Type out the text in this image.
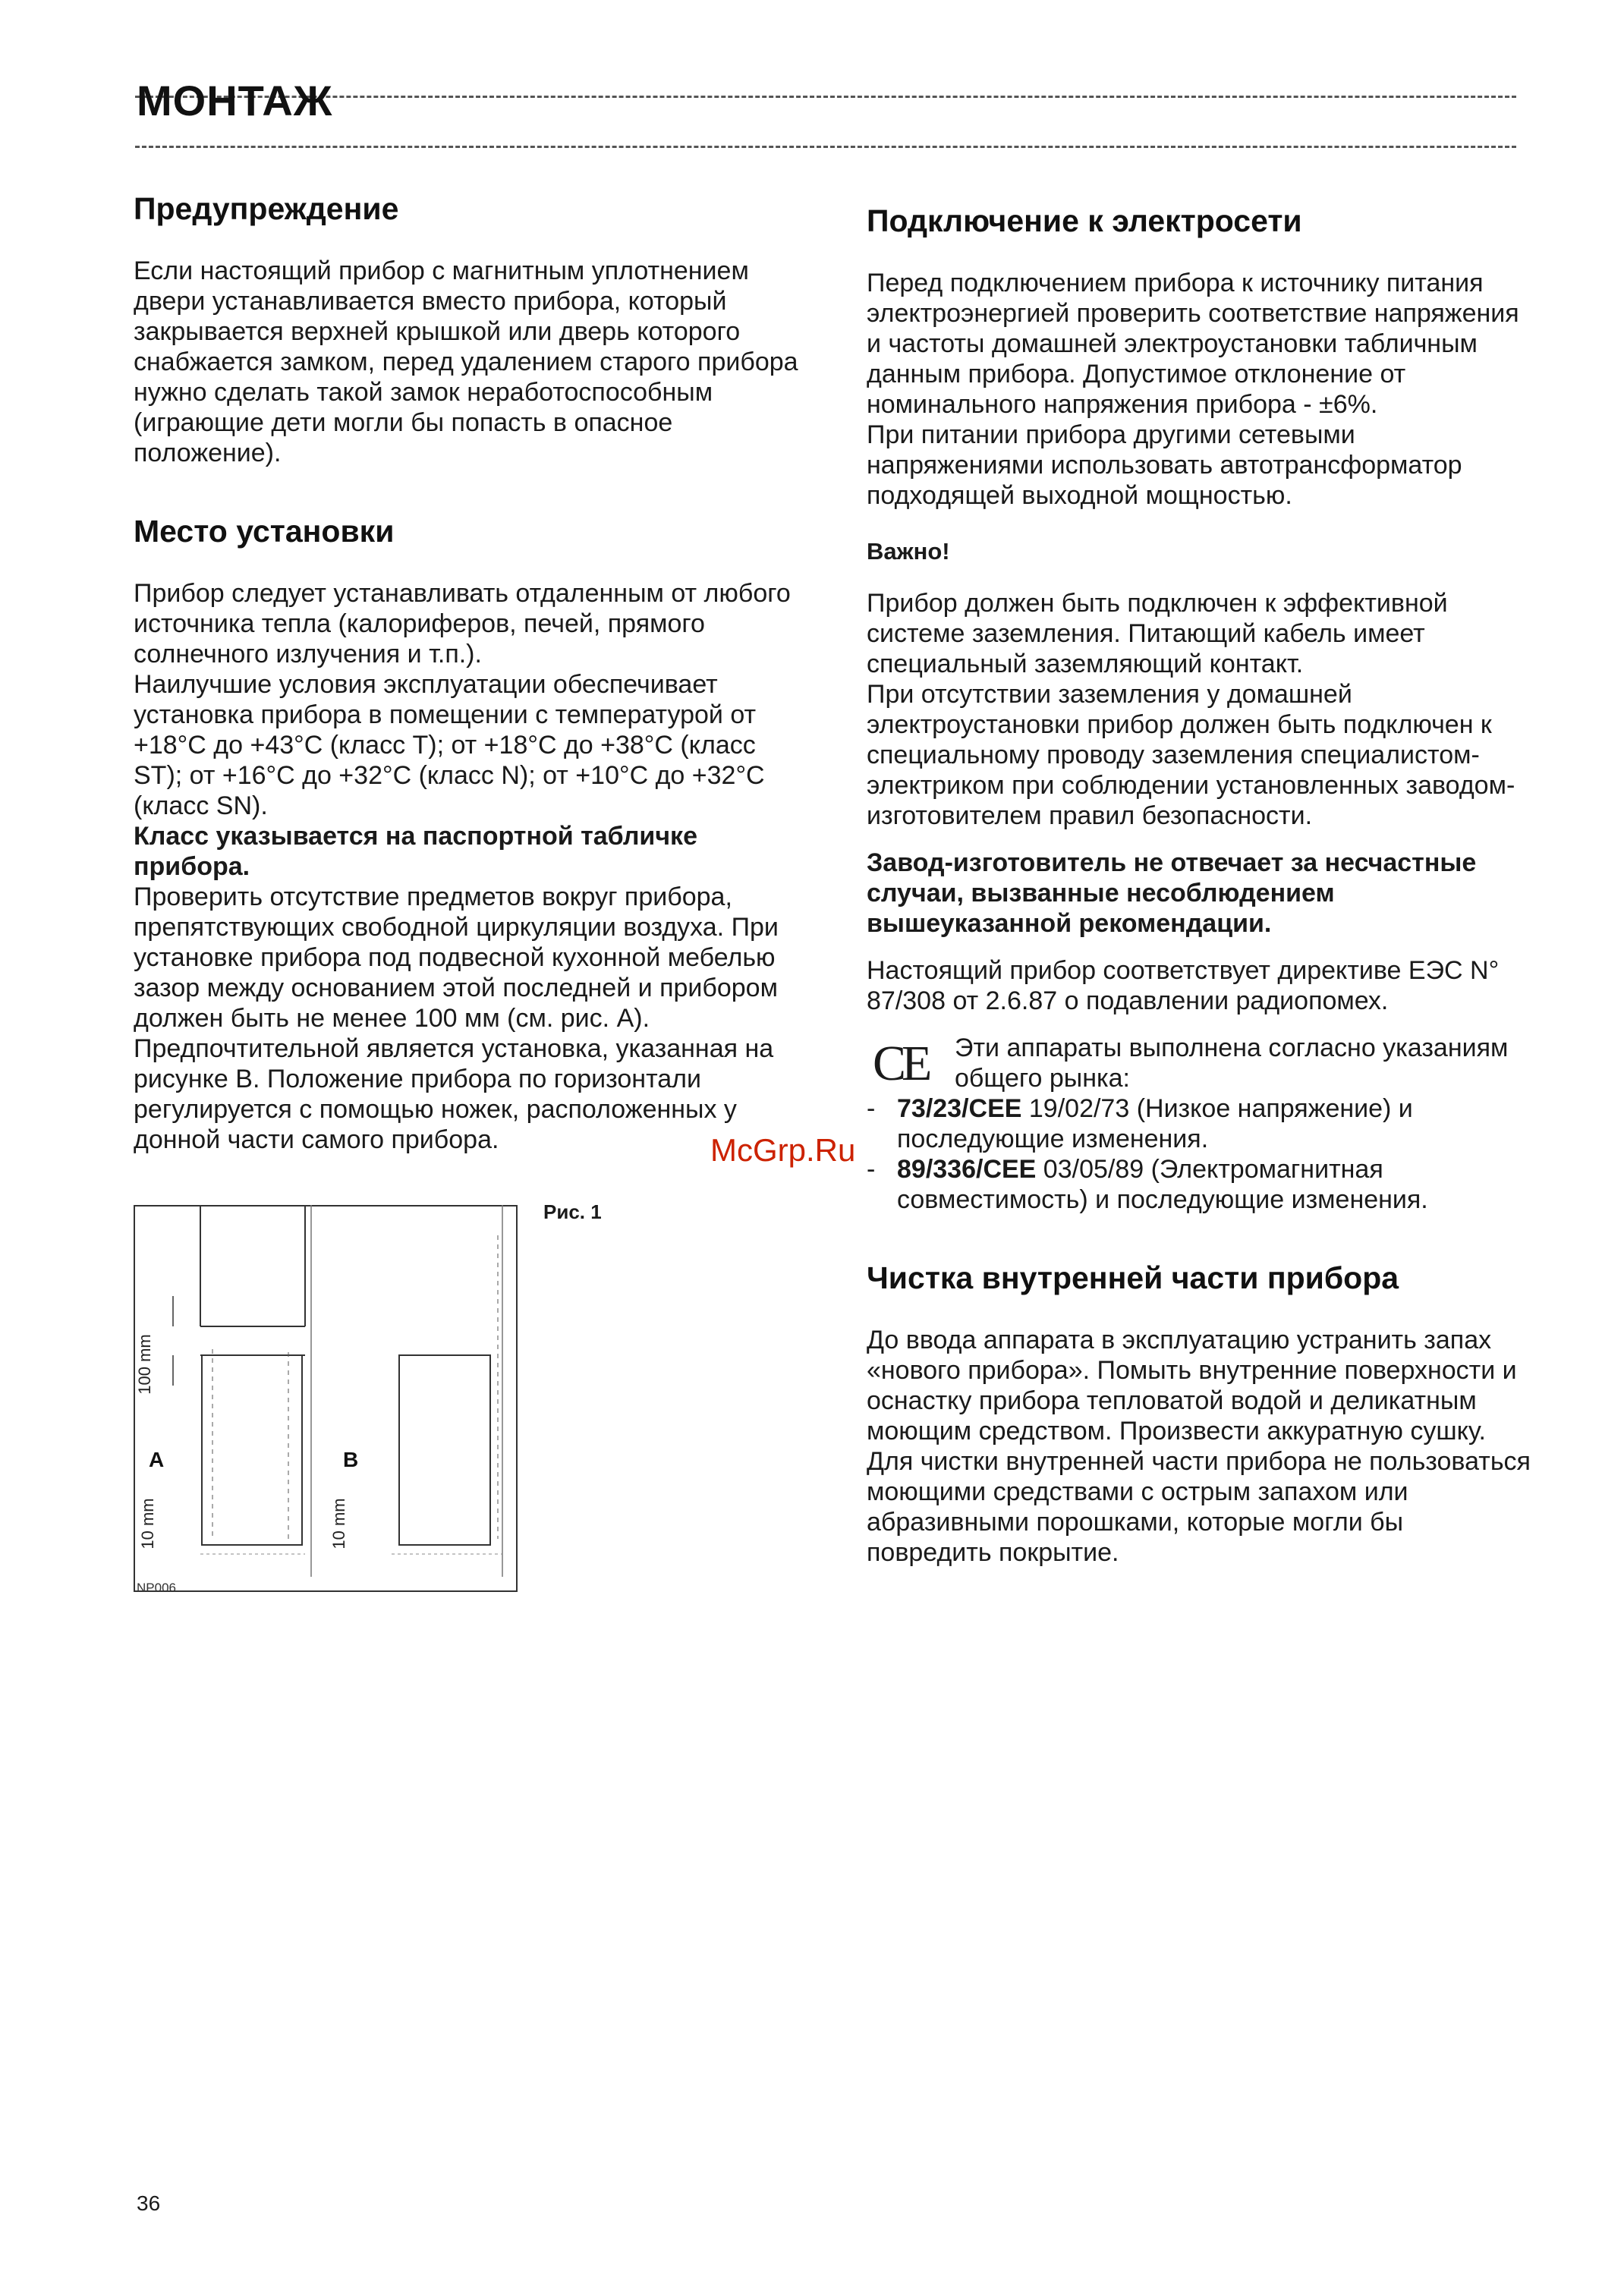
МОНТАЖ
Предупреждение

Если настоящий прибор с магнитным уплотнением двери устанавливается вместо прибора, который закрывается верхней крышкой или дверь которого снабжается замком, перед удалением старого прибора нужно сделать такой замок неработоспособным (играющие дети могли бы попасть в опасное положение).

Место установки

Прибор следует устанавливать отдаленным от любого источника тепла (калориферов, печей, прямого солнечного излучения и т.п.).

Наилучшие условия эксплуатации обеспечивает установка прибора в помещении с температурой от +18°С до +43°С (класс Т); от +18°С до +38°С (класс ST); от +16°С до +32°С (класс N); от +10°С до +32°С (класс SN).

Класс указывается на паспортной табличке прибора.

Проверить отсутствие предметов вокруг прибора, препятствующих свободной циркуляции воздуха. При установке прибора под подвесной кухонной мебелью зазор между основанием этой последней и прибором должен быть не менее 100 мм (см. рис. А).

Предпочтительной является установка, указанная на рисунке В. Положение прибора по горизонтали регулируется с помощью ножек, расположенных у донной части самого прибора.

Рис. 1

100 mm
10 mm
A
10 mm
B

NP006

Подключение к электросети

Перед подключением прибора к источнику питания электроэнергией проверить соответствие напряжения и частоты домашней электроустановки табличным данным прибора. Допустимое отклонение от номинального напряжения прибора - ±6%.

При питании прибора другими сетевыми напряжениями использовать автотрансформатор подходящей выходной мощностью.

Важно!

Прибор должен быть подключен к эффективной системе заземления. Питающий кабель имеет специальный заземляющий контакт.

При отсутствии заземления у домашней электроустановки прибор должен быть подключен к специальному проводу заземления специалистом-электриком при соблюдении установленных заводом-изготовителем правил безопасности.

Завод-изготовитель не отвечает за несчастные случаи, вызванные несоблюдением вышеуказанной рекомендации.

Настоящий прибор соответствует директиве ЕЭС N° 87/308 от 2.6.87 о подавлении радиопомех.

CE Эти аппараты выполнена согласно указаниям общего рынка:

- 73/23/CEE 19/02/73 (Низкое напряжение) и последующие изменения.
- 89/336/CEE 03/05/89 (Электромагнитная совместимость) и последующие изменения.
Чистка внутренней части прибора

До ввода аппарата в эксплуатацию устранить запах «нового прибора». Помыть внутренние поверхности и оснастку прибора тепловатой водой и деликатным моющим средством. Произвести аккуратную сушку. Для чистки внутренней части прибора не пользоваться моющими средствами с острым запахом или абразивными порошками, которые могли бы повредить покрытие.

McGrp.Ru

36
